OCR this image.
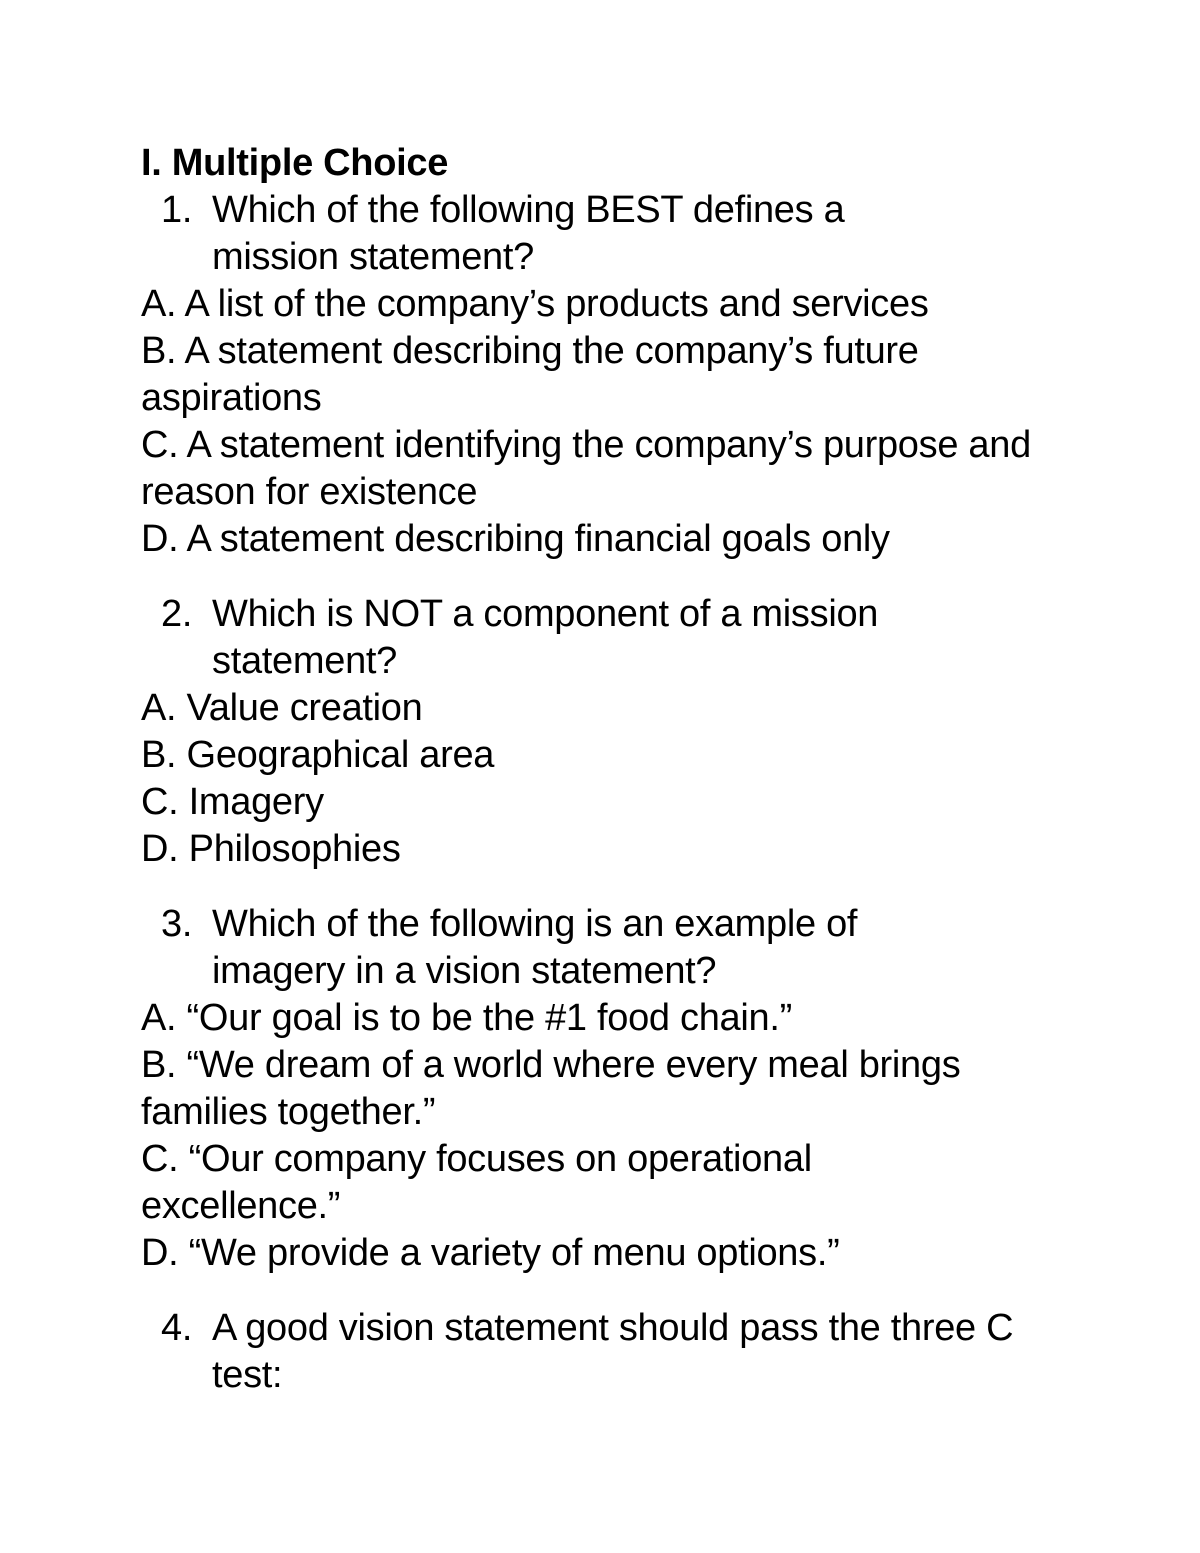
I. Multiple Choice
1. Which of the following BEST defines a mission statement?
A. A list of the company’s products and services
B. A statement describing the company’s future aspirations
C. A statement identifying the company’s purpose and reason for existence
D. A statement describing financial goals only
2. Which is NOT a component of a mission statement?
A. Value creation
B. Geographical area
C. Imagery
D. Philosophies
3. Which of the following is an example of imagery in a vision statement?
A. “Our goal is to be the #1 food chain.”
B. “We dream of a world where every meal brings families together.”
C. “Our company focuses on operational excellence.”
D. “We provide a variety of menu options.”
4. A good vision statement should pass the three C test:
